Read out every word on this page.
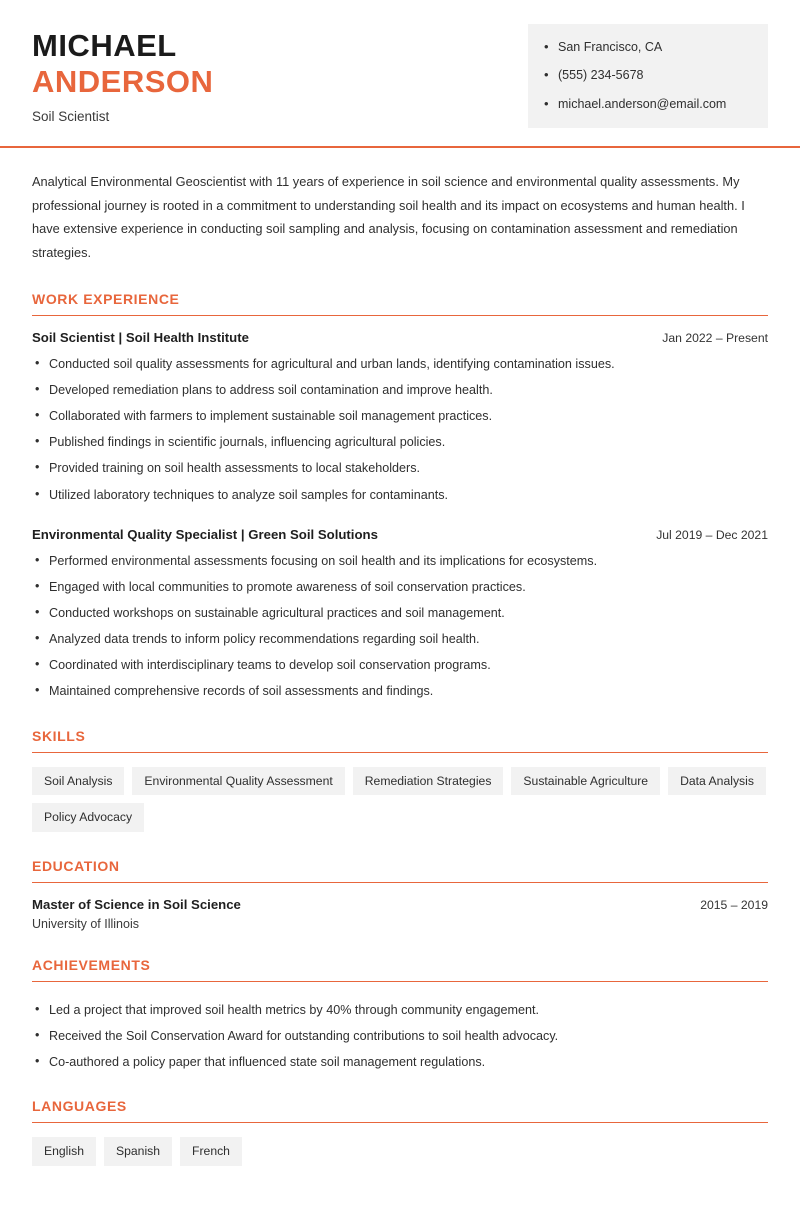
MICHAEL
ANDERSON
Soil Scientist
• San Francisco, CA
• (555) 234-5678
• michael.anderson@email.com
Analytical Environmental Geoscientist with 11 years of experience in soil science and environmental quality assessments. My professional journey is rooted in a commitment to understanding soil health and its impact on ecosystems and human health. I have extensive experience in conducting soil sampling and analysis, focusing on contamination assessment and remediation strategies.
WORK EXPERIENCE
Soil Scientist | Soil Health Institute	Jan 2022 – Present
• Conducted soil quality assessments for agricultural and urban lands, identifying contamination issues.
• Developed remediation plans to address soil contamination and improve health.
• Collaborated with farmers to implement sustainable soil management practices.
• Published findings in scientific journals, influencing agricultural policies.
• Provided training on soil health assessments to local stakeholders.
• Utilized laboratory techniques to analyze soil samples for contaminants.
Environmental Quality Specialist | Green Soil Solutions	Jul 2019 – Dec 2021
• Performed environmental assessments focusing on soil health and its implications for ecosystems.
• Engaged with local communities to promote awareness of soil conservation practices.
• Conducted workshops on sustainable agricultural practices and soil management.
• Analyzed data trends to inform policy recommendations regarding soil health.
• Coordinated with interdisciplinary teams to develop soil conservation programs.
• Maintained comprehensive records of soil assessments and findings.
SKILLS
Soil Analysis	Environmental Quality Assessment	Remediation Strategies	Sustainable Agriculture	Data Analysis
Policy Advocacy
EDUCATION
Master of Science in Soil Science	2015 – 2019
University of Illinois
ACHIEVEMENTS
• Led a project that improved soil health metrics by 40% through community engagement.
• Received the Soil Conservation Award for outstanding contributions to soil health advocacy.
• Co-authored a policy paper that influenced state soil management regulations.
LANGUAGES
English	Spanish	French
